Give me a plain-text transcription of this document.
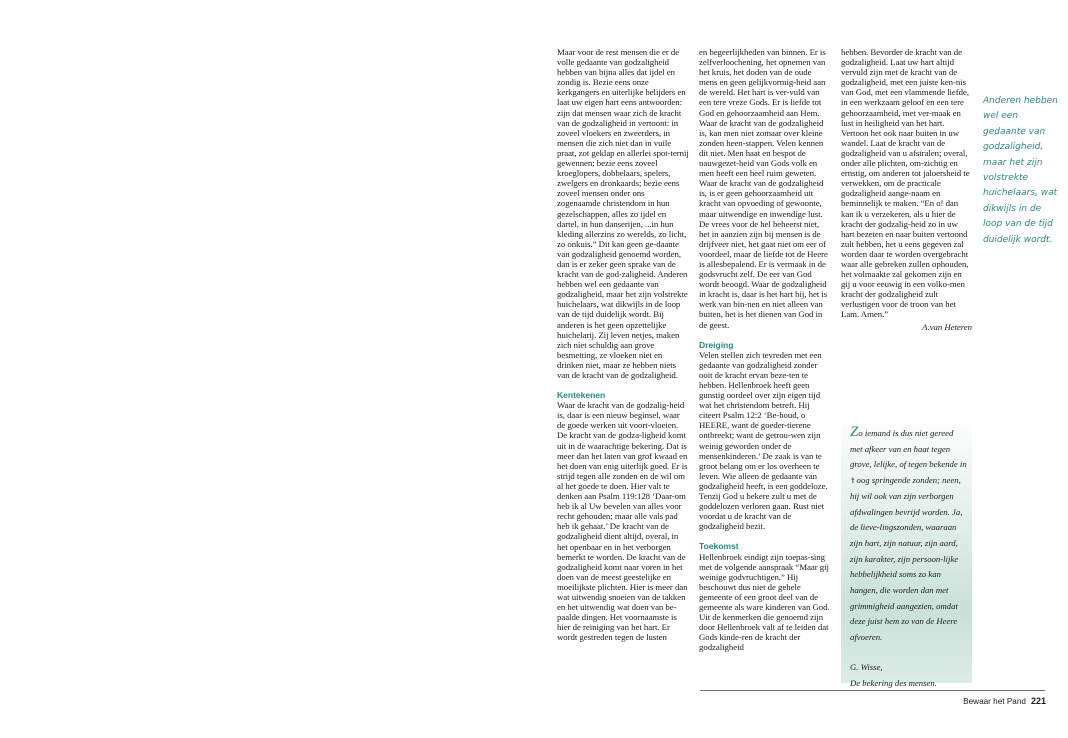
Maar voor de rest mensen die er de volle gedaante van godzaligheid hebben van bijna alles dat ijdel en zondig is. Bezie eens onze kerkgangers en uiterlijke belijders en laat uw eigen hart eens antwoorden: zijn dat mensen waar zich de kracht van de godzaligheid in vertoont: in zoveel vloekers en zweerders, in mensen die zich niet dan in vuile praat, zot geklap en allerlei spot-ternij gewennen; bezie eens zoveel kroeglopers, dobbelaars, spelers, zwelgers en dronkaards; bezie eens zoveel mensen onder ons zogenaamde christendom in hun gezelschappen, alles zo ijdel en dartel, in hun danserijen, ...in hun kleding allerzins zo werelds, zo licht, zo onkuis.” Dit kan geen ge-daante van godzaligheid genoemd worden, dan is er zeker geen sprake van de kracht van de god-zaligheid. Anderen hebben wel een gedaante van godzaligheid, maar het zijn volstrekte huichelaars, wat dikwijls in de loop van de tijd duidelijk wordt. Bij anderen is het geen opzettelijke huichelarij. Zij leven netjes, maken zich niet schuldig aan grove besmetting, ze vloeken niet en drinken niet, maar ze hebben niets van de kracht van de godzaligheid.

Kentekenen

Waar de kracht van de godzalig-heid is, daar is een nieuw beginsel, waar de goede werken uit voort-vloeien. De kracht van de godza-ligheid komt uit in de waarachtige bekering. Dat is meer dan het laten van grof kwaad en het doen van enig uiterlijk goed. Er is strijd tegen alle zonden en de wil om al het goede te doen. Hier valt te denken aan Psalm 119:128 ‘Daar-om heb ik al Uw bevelen van alles voor recht gehouden; maar alle vals pad heb ik gehaat.’ De kracht van de godzaligheid dient altijd, overal, in het openbaar en in het verborgen bemerkt te worden. De kracht van de godzaligheid komt naar voren in het doen van de meest geestelijke en moeilijkste plichten. Hier is meer dan wat uitwendig snoeien van de takken en het uitwendig wat doen van be-paalde dingen. Het voornaamste is hier de reiniging van het hart. Er wordt gestreden tegen de lusten

en begeerlijkheden van binnen. Er is zelfverloochening, het opnemen van het kruis, het doden van de oude mens en geen gelijkvormig-heid aan de wereld. Het hart is ver-vuld van een tere vreze Gods. Er is liefde tot God en gehoorzaamheid aan Hem. Waar de kracht van de godzaligheid is, kan men niet zomaar over kleine zonden heen-stappen. Velen kennen dit niet. Men haat en bespot de nauwgezet-heid van Gods volk en men heeft een heel ruim geweten. Waar de kracht van de godzaligheid is, is er geen gehoorzaamheid uit kracht van opvoeding of gewoonte, maar uitwendige en inwendige lust. De vrees voor de hel beheerst niet, het in aanzien zijn bij mensen is de drijfveer niet, het gaat niet om eer of voordeel, maar de liefde tot de Heere is allesbepalend. Er is vermaak in de godsvrucht zelf. De eer van God wordt beoogd. Waar de godzaligheid in kracht is, daar is het hart bij, het is werk van bin-nen en niet alleen van buiten, het is het dienen van God in de geest.

Dreiging

Velen stellen zich tevreden met een gedaante van godzaligheid zonder ooit de kracht ervan beze-ten te hebben. Hellenbroek heeft geen gunstig oordeel over zijn eigen tijd wat het christendom betreft. Hij citeert Psalm 12:2 ‘Be-houd, o HEERE, want de goeder-tierene ontbreekt; want de getrou-wen zijn weinig geworden onder de mensenkinderen.’ De zaak is van te groot belang om er los overheen te leven. Wie alleen de gedaante van godzaligheid heeft, is een goddeloze. Tenzij God u bekere zult u met de goddelozen verloren gaan. Rust niet voordat u de kracht van de godzaligheid bezit.

Toekomst

Hellenbroek eindigt zijn toepas-sing met de volgende aanspraak “Maar gij weinige godvruchtigen.” Hij beschouwt dus niet de gehele gemeente of een groot deel van de gemeente als ware kinderen van God. Uit de kenmerken die genoemd zijn door Hellenbroek valt af te leiden dat Gods kinde-ren de kracht der godzaligheid

hebben. Bevorder de kracht van de godzaligheid. Laat uw hart altijd vervuld zijn met de kracht van de godzaligheid, met een juiste ken-nis van God, met een vlammende liefde, in een werkzaam geloof en een tere gehoorzaamheid, met ver-maak en lust in heiligheid van het hart. Vertoon het ook naar buiten in uw wandel. Laat de kracht van de godzaligheid van u afstralen; overal, onder alle plichten, om-zichtig en ernstig, om anderen tot jaloersheid te verwekken, om de practicale godzaligheid aange-naam en beminnelijk te maken. “En o! dan kan ik u verzekeren, als u hier de kracht der godzalig-heid zo in uw hart bezeten en naar buiten vertoond zult hebben, het u eens gegeven zal worden daar te worden overgebracht waar alle gebreken zullen ophouden, het volmaakte zal gekomen zijn en gij u voor eeuwig in een volko-men kracht der godzaligheid zult verlustigen voor de troon van het Lam. Amen.”

A.van Heteren
Anderen hebben wel een gedaante van godzaligheid, maar het zijn volstrekte huichelaars, wat dikwijls in de loop van de tijd duidelijk wordt.
Zo iemand is dus niet gereed met afkeer van en haat tegen grove, lelijke, of tegen bekende in ’t oog springende zonden; neen, hij wil ook van zijn verborgen afdwalingen bevrijd worden. Ja, de lieve-lingszonden, waaraan zijn hart, zijn natuur, zijn aard, zijn karakter, zijn persoon-lijke hebbelijkheid soms zo kan hangen, die worden dan met grimmigheid aangezien, omdat deze juist hem zo van de Heere afvoeren.
G. Wisse,
De bekering des mensen.
Bewaar het Pand 221
